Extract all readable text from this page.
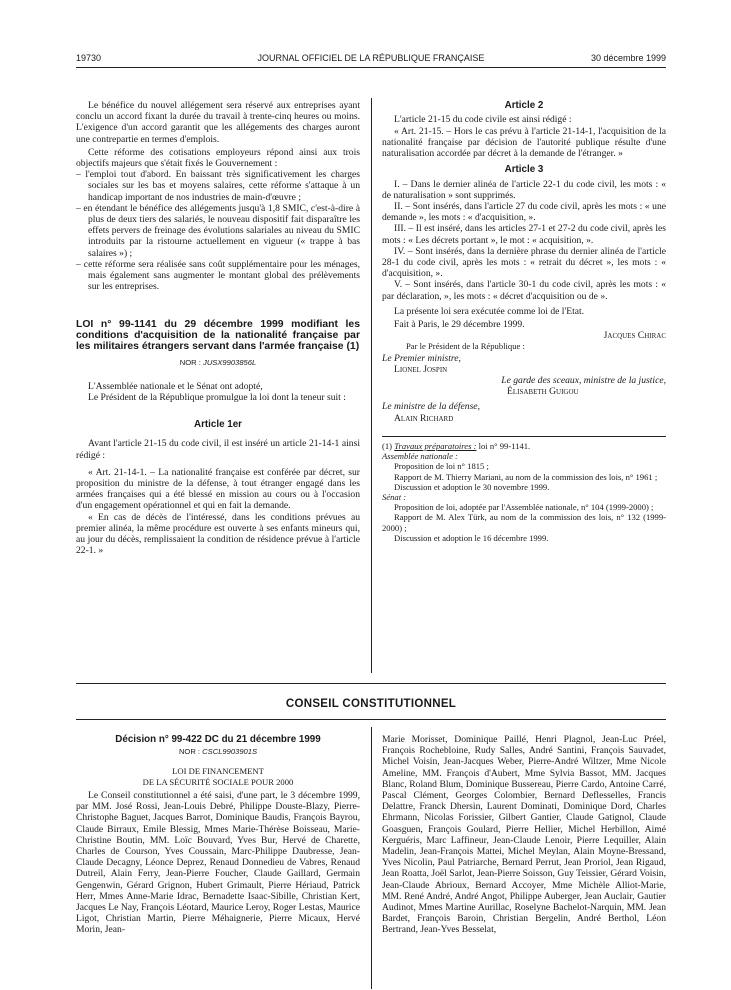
JOURNAL OFFICIEL DE LA RÉPUBLIQUE FRANÇAISE
19730	30 décembre 1999

Le bénéfice du nouvel allégement sera réservé aux entreprises ayant conclu un accord fixant la durée du travail à trente-cinq heures ou moins. L'exigence d'un accord garantit que les allégements des charges auront une contrepartie en termes d'emplois.

Cette réforme des cotisations employeurs répond ainsi aux trois objectifs majeurs que s'était fixés le Gouvernement :

– l'emploi tout d'abord. En baissant très significativement les charges sociales sur les bas et moyens salaires, cette réforme s'attaque à un handicap important de nos industries de main-d'œuvre ;

– en étendant le bénéfice des allégements jusqu'à 1,8 SMIC, c'est-à-dire à plus de deux tiers des salariés, le nouveau dispositif fait disparaître les effets pervers de freinage des évolutions salariales au niveau du SMIC introduits par la ristourne actuellement en vigueur (« trappe à bas salaires ») ;

– cette réforme sera réalisée sans coût supplémentaire pour les ménages, mais également sans augmenter le montant global des prélèvements sur les entreprises.

LOI n° 99-1141 du 29 décembre 1999 modifiant les conditions d'acquisition de la nationalité française par les militaires étrangers servant dans l'armée française (1)

NOR : JUSX9903856L

L'Assemblée nationale et le Sénat ont adopté,

Le Président de la République promulgue la loi dont la teneur suit :

Article 1er

Avant l'article 21-15 du code civil, il est inséré un article 21-14-1 ainsi rédigé :

« Art. 21-14-1. – La nationalité française est conférée par décret, sur proposition du ministre de la défense, à tout étranger engagé dans les armées françaises qui a été blessé en mission au cours ou à l'occasion d'un engagement opérationnel et qui en fait la demande.

« En cas de décès de l'intéressé, dans les conditions prévues au premier alinéa, la même procédure est ouverte à ses enfants mineurs qui, au jour du décès, remplissaient la condition de résidence prévue à l'article 22-1. »

Article 2

L'article 21-15 du code civile est ainsi rédigé :

« Art. 21-15. – Hors le cas prévu à l'article 21-14-1, l'acquisition de la nationalité française par décision de l'autorité publique résulte d'une naturalisation accordée par décret à la demande de l'étranger. »

Article 3

I. – Dans le dernier alinéa de l'article 22-1 du code civil, les mots : « de naturalisation » sont supprimés.

II. – Sont insérés, dans l'article 27 du code civil, après les mots : « une demande », les mots : « d'acquisition, ».

III. – Il est inséré, dans les articles 27-1 et 27-2 du code civil, après les mots : « Les décrets portant », le mot : « acquisition, ».

IV. – Sont insérés, dans la dernière phrase du dernier alinéa de l'article 28-1 du code civil, après les mots : « retrait du décret », les mots : « d'acquisition, ».

V. – Sont insérés, dans l'article 30-1 du code civil, après les mots : « par déclaration, », les mots : « décret d'acquisition ou de ».

La présente loi sera exécutée comme loi de l'Etat.

Fait à Paris, le 29 décembre 1999.

Jacques Chirac

Par le Président de la République :

Le Premier ministre,

Lionel Jospin

Le garde des sceaux, ministre de la justice,

Élisabeth Guigou

Le ministre de la défense,

Alain Richard

(1) Travaux préparatoires : loi n° 99-1141.

Assemblée nationale :

Proposition de loi n° 1815 ;

Rapport de M. Thierry Mariani, au nom de la commission des lois, n° 1961 ;

Discussion et adoption le 30 novembre 1999.

Sénat :

Proposition de loi, adoptée par l'Assemblée nationale, n° 104 (1999-2000) ;

Rapport de M. Alex Türk, au nom de la commission des lois, n° 132 (1999-2000) ;

Discussion et adoption le 16 décembre 1999.

CONSEIL CONSTITUTIONNEL

Décision n° 99-422 DC du 21 décembre 1999

NOR : CSCL9903901S

LOI DE FINANCEMENT

DE LA SÉCURITÉ SOCIALE POUR 2000

Le Conseil constitutionnel a été saisi, d'une part, le 3 décembre 1999, par MM. José Rossi, Jean-Louis Debré, Philippe Douste-Blazy, Pierre-Christophe Baguet, Jacques Barrot, Dominique Baudis, François Bayrou, Claude Birraux, Emile Blessig, Mmes Marie-Thérèse Boisseau, Marie-Christine Boutin, MM. Loïc Bouvard, Yves Bur, Hervé de Charette, Charles de Courson, Yves Coussain, Marc-Philippe Daubresse, Jean-Claude Decagny, Léonce Deprez, Renaud Donnedieu de Vabres, Renaud Dutreil, Alain Ferry, Jean-Pierre Foucher, Claude Gaillard, Germain Gengenwin, Gérard Grignon, Hubert Grimault, Pierre Hériaud, Patrick Herr, Mmes Anne-Marie Idrac, Bernadette Isaac-Sibille, Christian Kert, Jacques Le Nay, François Léotard, Maurice Leroy, Roger Lestas, Maurice Ligot, Christian Martin, Pierre Méhaignerie, Pierre Micaux, Hervé Morin, Jean-

Marie Morisset, Dominique Paillé, Henri Plagnol, Jean-Luc Préel, François Rochebloine, Rudy Salles, André Santini, François Sauvadet, Michel Voisin, Jean-Jacques Weber, Pierre-André Wiltzer, Mme Nicole Ameline, MM. François d'Aubert, Mme Sylvia Bassot, MM. Jacques Blanc, Roland Blum, Dominique Bussereau, Pierre Cardo, Antoine Carré, Pascal Clément, Georges Colombier, Bernard Deflesselles, Francis Delattre, Franck Dhersin, Laurent Dominati, Dominique Dord, Charles Ehrmann, Nicolas Forissier, Gilbert Gantier, Claude Gatignol, Claude Goasguen, François Goulard, Pierre Hellier, Michel Herbillon, Aimé Kerguéris, Marc Laffineur, Jean-Claude Lenoir, Pierre Lequiller, Alain Madelin, Jean-François Mattei, Michel Meylan, Alain Moyne-Bressand, Yves Nicolin, Paul Patriarche, Bernard Perrut, Jean Proriol, Jean Rigaud, Jean Roatta, Joël Sarlot, Jean-Pierre Soisson, Guy Teissier, Gérard Voisin, Jean-Claude Abrioux, Bernard Accoyer, Mme Michèle Alliot-Marie, MM. René André, André Angot, Philippe Auberger, Jean Auclair, Gautier Audinot, Mmes Martine Aurillac, Roselyne Bachelot-Narquin, MM. Jean Bardet, François Baroin, Christian Bergelin, André Berthol, Léon Bertrand, Jean-Yves Besselat,
